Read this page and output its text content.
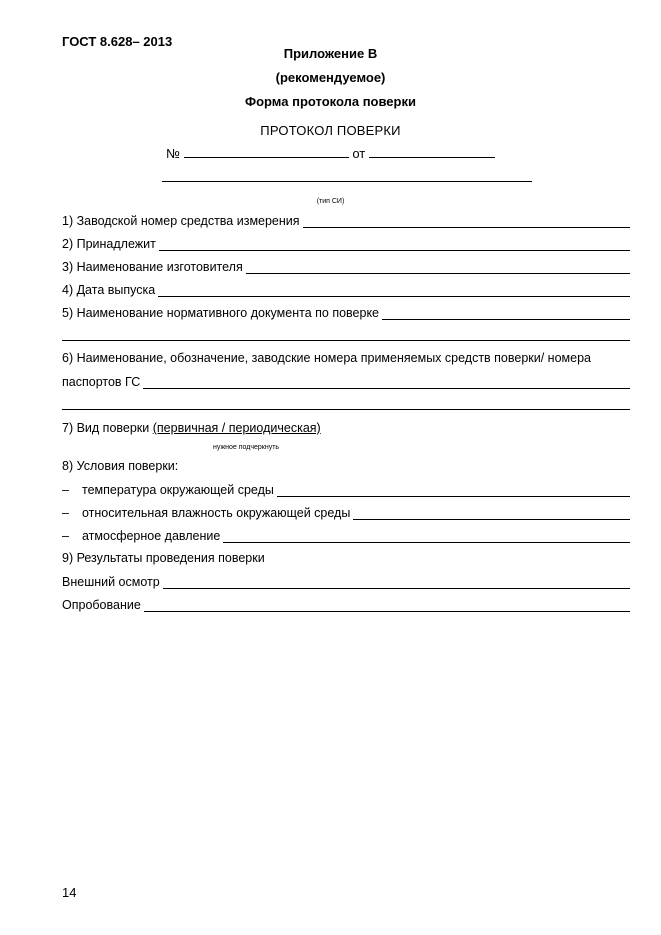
ГОСТ 8.628– 2013
Приложение В
(рекомендуемое)
Форма протокола поверки
ПРОТОКОЛ ПОВЕРКИ
№	от
(тип СИ)
1) Заводской номер средства измерения
2) Принадлежит
3) Наименование изготовителя
4) Дата выпуска
5) Наименование нормативного документа по поверке
6) Наименование, обозначение, заводские номера применяемых средств поверки/ номера
паспортов ГС
7) Вид поверки (первичная / периодическая)
нужное подчеркнуть
8) Условия поверки:
– температура окружающей среды
– относительная влажность окружающей среды
– атмосферное давление
9) Результаты проведения поверки
Внешний осмотр
Опробование
14
